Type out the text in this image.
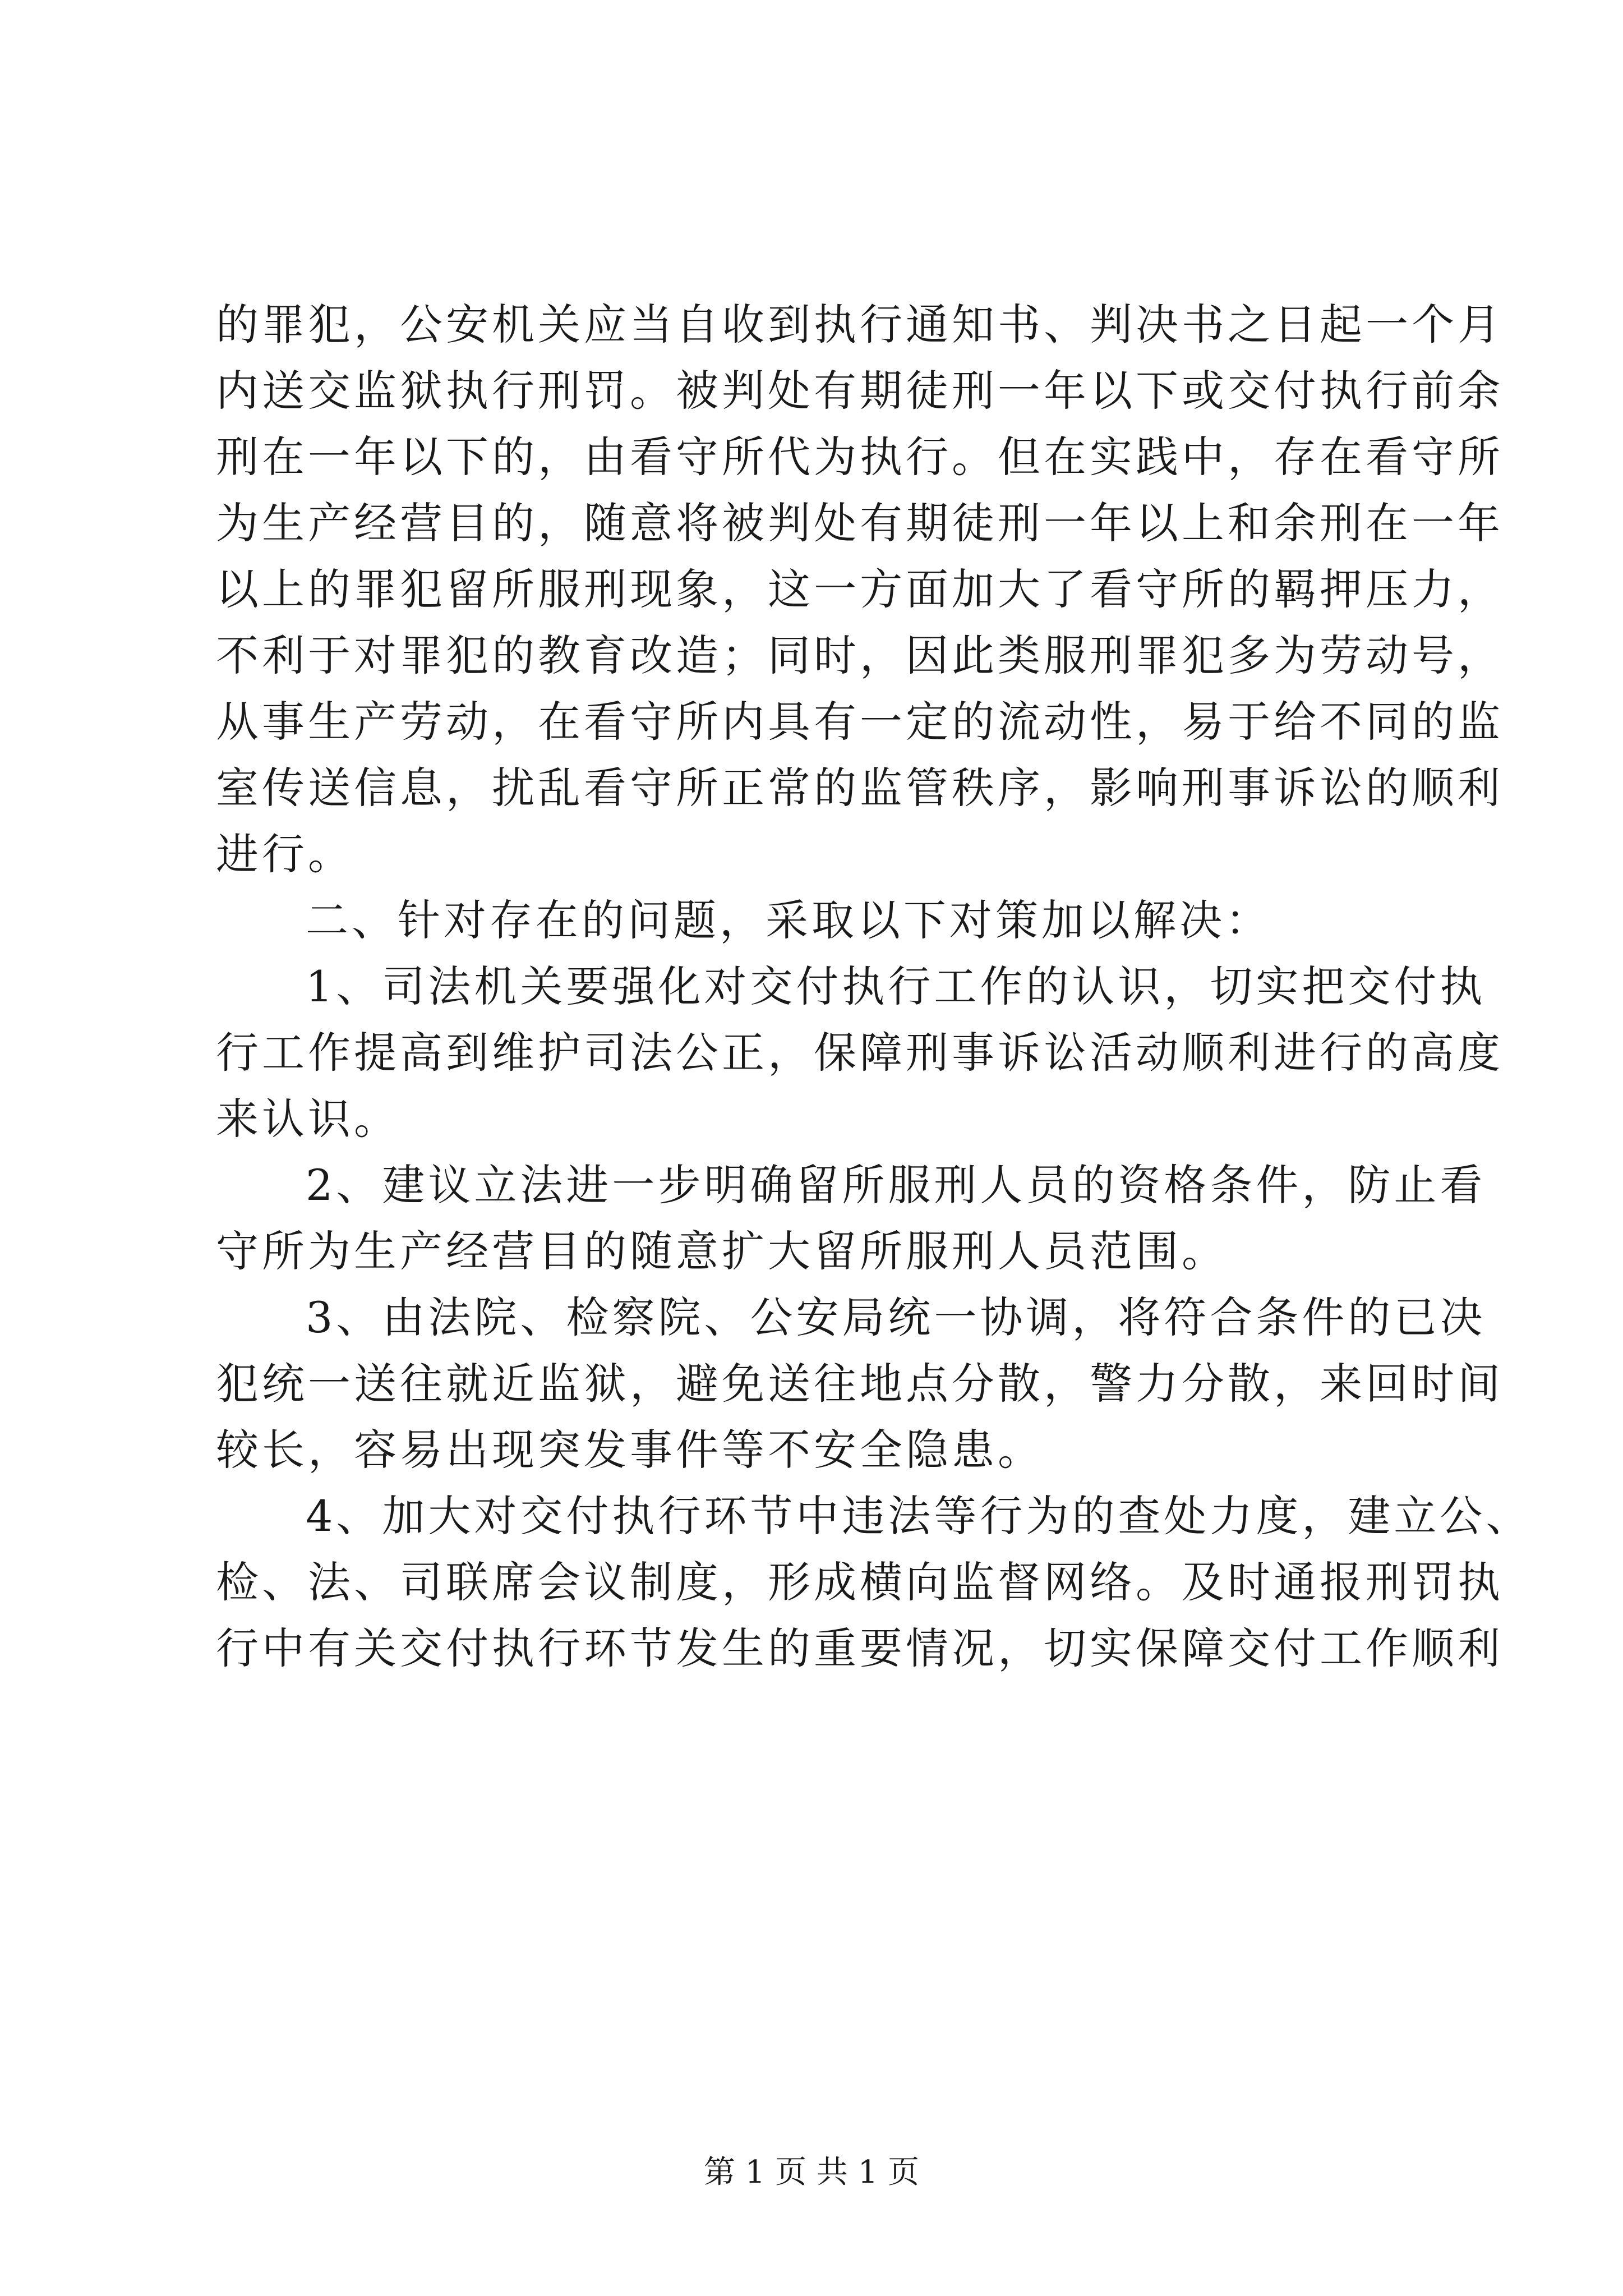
的罪犯，公安机关应当自收到执行通知书、判决书之日起一个月
内送交监狱执行刑罚。被判处有期徒刑一年以下或交付执行前余
刑在一年以下的，由看守所代为执行。但在实践中，存在看守所
为生产经营目的，随意将被判处有期徒刑一年以上和余刑在一年
以上的罪犯留所服刑现象，这一方面加大了看守所的羁押压力，
不利于对罪犯的教育改造；同时，因此类服刑罪犯多为劳动号，
从事生产劳动，在看守所内具有一定的流动性，易于给不同的监
室传送信息，扰乱看守所正常的监管秩序，影响刑事诉讼的顺利
进行。
二、针对存在的问题，采取以下对策加以解决：
1、司法机关要强化对交付执行工作的认识，切实把交付执
行工作提高到维护司法公正，保障刑事诉讼活动顺利进行的高度
来认识。
2、建议立法进一步明确留所服刑人员的资格条件，防止看
守所为生产经营目的随意扩大留所服刑人员范围。
3、由法院、检察院、公安局统一协调，将符合条件的已决
犯统一送往就近监狱，避免送往地点分散，警力分散，来回时间
较长，容易出现突发事件等不安全隐患。
4、加大对交付执行环节中违法等行为的查处力度，建立公、
检、法、司联席会议制度，形成横向监督网络。及时通报刑罚执
行中有关交付执行环节发生的重要情况，切实保障交付工作顺利
第 1 页 共 1 页
